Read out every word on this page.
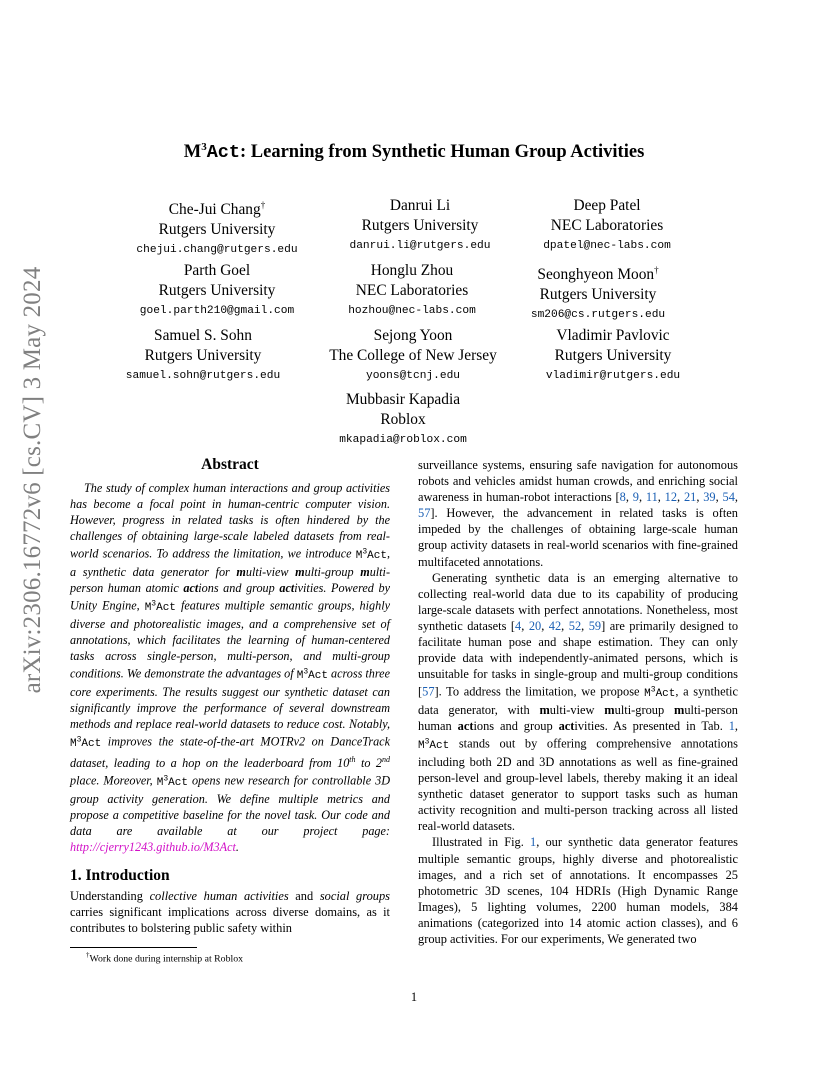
arXiv:2306.16772v6 [cs.CV] 3 May 2024
$M^3Act$: Learning from Synthetic Human Group Activities
Che-Jui Chang†
Rutgers University
chejui.chang@rutgers.edu
Danrui Li
Rutgers University
danrui.li@rutgers.edu
Deep Patel
NEC Laboratories
dpatel@nec-labs.com
Parth Goel
Rutgers University
goel.parth210@gmail.com
Honglu Zhou
NEC Laboratories
hozhou@nec-labs.com
Seonghyeon Moon†
Rutgers University
sm206@cs.rutgers.edu
Samuel S. Sohn
Rutgers University
samuel.sohn@rutgers.edu
Sejong Yoon
The College of New Jersey
yoons@tcnj.edu
Vladimir Pavlovic
Rutgers University
vladimir@rutgers.edu
Mubbasir Kapadia
Roblox
mkapadia@roblox.com
Abstract
The study of complex human interactions and group activities has become a focal point in human-centric computer vision. However, progress in related tasks is often hindered by the challenges of obtaining large-scale labeled datasets from real-world scenarios. To address the limitation, we introduce $M^3Act$, a synthetic data generator for multi-view multi-group multi-person human atomic actions and group activities. Powered by Unity Engine, $M^3Act$ features multiple semantic groups, highly diverse and photorealistic images, and a comprehensive set of annotations, which facilitates the learning of human-centered tasks across single-person, multi-person, and multi-group conditions. We demonstrate the advantages of $M^3Act$ across three core experiments. The results suggest our synthetic dataset can significantly improve the performance of several downstream methods and replace real-world datasets to reduce cost. Notably, $M^3Act$ improves the state-of-the-art MOTRv2 on DanceTrack dataset, leading to a hop on the leaderboard from 10th to 2nd place. Moreover, $M^3Act$ opens new research for controllable 3D group activity generation. We define multiple metrics and propose a competitive baseline for the novel task. Our code and data are available at our project page: http://cjerry1243.github.io/M3Act.
1. Introduction
Understanding collective human activities and social groups carries significant implications across diverse domains, as it contributes to bolstering public safety within
†Work done during internship at Roblox

surveillance systems, ensuring safe navigation for autonomous robots and vehicles amidst human crowds, and enriching social awareness in human-robot interactions [8, 9, 11, 12, 21, 39, 54, 57]. However, the advancement in related tasks is often impeded by the challenges of obtaining large-scale human group activity datasets in real-world scenarios with fine-grained multifaceted annotations.

Generating synthetic data is an emerging alternative to collecting real-world data due to its capability of producing large-scale datasets with perfect annotations. Nonetheless, most synthetic datasets [4, 20, 42, 52, 59] are primarily designed to facilitate human pose and shape estimation. They can only provide data with independently-animated persons, which is unsuitable for tasks in single-group and multi-group conditions [57]. To address the limitation, we propose $M^3Act$, a synthetic data generator, with multi-view multi-group multi-person human actions and group activities. As presented in Tab. 1, $M^3Act$ stands out by offering comprehensive annotations including both 2D and 3D annotations as well as fine-grained person-level and group-level labels, thereby making it an ideal synthetic dataset generator to support tasks such as human activity recognition and multi-person tracking across all listed real-world datasets.

Illustrated in Fig. 1, our synthetic data generator features multiple semantic groups, highly diverse and photorealistic images, and a rich set of annotations. It encompasses 25 photometric 3D scenes, 104 HDRIs (High Dynamic Range Images), 5 lighting volumes, 2200 human models, 384 animations (categorized into 14 atomic action classes), and 6 group activities. For our experiments, We generated two

1
